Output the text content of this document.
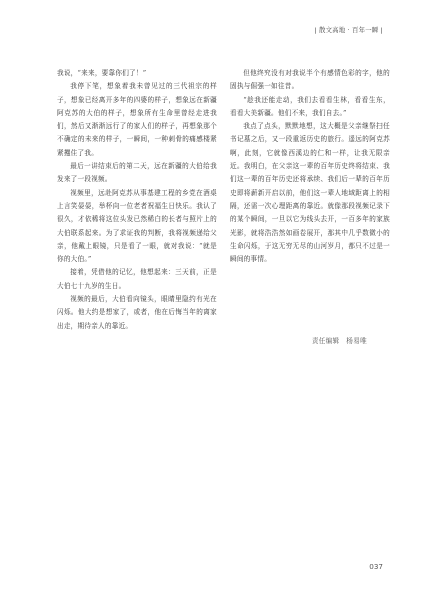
| 散文高地 · 百年一瞬 |

我说，“来来，要靠你们了！”

我停下笔，想象着我未曾见过的三代祖宗的样子，想象已经离开多年的四婆的样子，想象远在新疆阿克苏的大伯的样子，想象所有生命里曾经走进我们，然后又渐渐远行了的家人们的样子，再想象那个不确定的未来的样子，一瞬间，一种刺骨的痛感楼紧紧攫住了我。

最后一讲结束后的第二天，远在新疆的大伯给我发来了一段视频。

视频里，远赴阿克苏从事基建工程的乡党在酒桌上言笑晏晏，举杯向一位老者祝福生日快乐。我认了很久，才依稀将这位头发已然稀白的长者与照片上的大伯联系起来。为了求证我的判断，我将视频递给父亲，他戴上眼镜，只是看了一眼，就对我说：“就是你的大伯。”

接着，凭借他的记忆，他想起来：三天前，正是大伯七十九岁的生日。

视频的最后，大伯看向镜头，眼睛里隐约有光在闪烁。他大约是想家了，或者，他在后悔当年的离家出走，期待亲人的靠近。

但他终究没有对我说半个有感情色彩的字，他的固执与倔强一如往昔。

“趁我还能走动，我们去看看生林，看看生东，看看大美新疆。他们不来，我们自去。”

我点了点头，默默地想，这大概是父亲继祭扫任书记墓之后，又一段重返历史的旅行。遥远的阿克苏啊，此刻，它就像西溪边的仁和一样，让我无限亲近。我明白，在父亲这一辈的百年历史终将结束、我们这一辈的百年历史还将承续、我们后一辈的百年历史即将薪新开启以前，他们这一辈人地域距离上的相隔，还需一次心理距离的靠近。就像那段视频记录下的某个瞬间，一旦以它为线头去开，一百多年的家族光影，就将浩浩然如画卷展开，那其中几乎数微小的生命闪烁，于这无穷无尽的山河岁月，都只不过是一瞬间的事情。

责任编辑　杨易唯
037
